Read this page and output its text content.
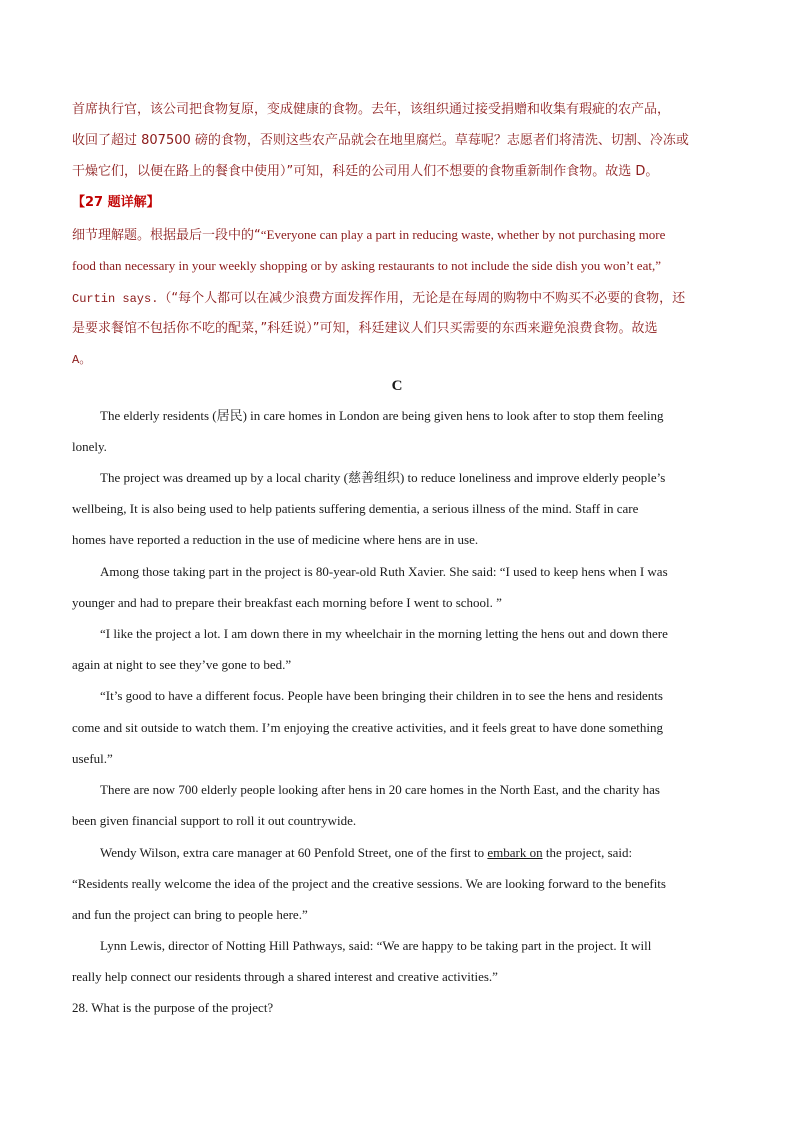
首席执行官，该公司把食物复原，变成健康的食物。去年，该组织通过接受捐赠和收集有瑕疵的农产品，
收回了超过 807500 磅的食物，否则这些农产品就会在地里腐烂。草莓呢？志愿者们将清洗、切割、冷冻或
干燥它们，以便在路上的餐食中使用）”可知，科廷的公司用人们不想要的食物重新制作食物。故选 D。
【27 题详解】
细节理解题。根据最后一段中的““Everyone can play a part in reducing waste, whether by not purchasing more
food than necessary in your weekly shopping or by asking restaurants to not include the side dish you won’t eat,”
Curtin says.（“每个人都可以在减少浪费方面发挥作用，无论是在每周的购物中不购买不必要的食物，还
是要求餐馆不包括你不吃的配菜，”科廷说）”可知，科廷建议人们只买需要的东西来避免浪费食物。故选
A。
C
The elderly residents (居民) in care homes in London are being given hens to look after to stop them feeling
lonely.
The project was dreamed up by a local charity (慈善组织) to reduce loneliness and improve elderly people’s
wellbeing, It is also being used to help patients suffering dementia, a serious illness of the mind. Staff in care
homes have reported a reduction in the use of medicine where hens are in use.
Among those taking part in the project is 80-year-old Ruth Xavier. She said: “I used to keep hens when I was
younger and had to prepare their breakfast each morning before I went to school. ”
“I like the project a lot. I am down there in my wheelchair in the morning letting the hens out and down there
again at night to see they’ve gone to bed.”
“It’s good to have a different focus. People have been bringing their children in to see the hens and residents
come and sit outside to watch them. I’m enjoying the creative activities, and it feels great to have done something
useful.”
There are now 700 elderly people looking after hens in 20 care homes in the North East, and the charity has
been given financial support to roll it out countrywide.
Wendy Wilson, extra care manager at 60 Penfold Street, one of the first to embark on the project, said:
“Residents really welcome the idea of the project and the creative sessions. We are looking forward to the benefits
and fun the project can bring to people here.”
Lynn Lewis, director of Notting Hill Pathways, said: “We are happy to be taking part in the project. It will
really help connect our residents through a shared interest and creative activities.”
28. What is the purpose of the project?
